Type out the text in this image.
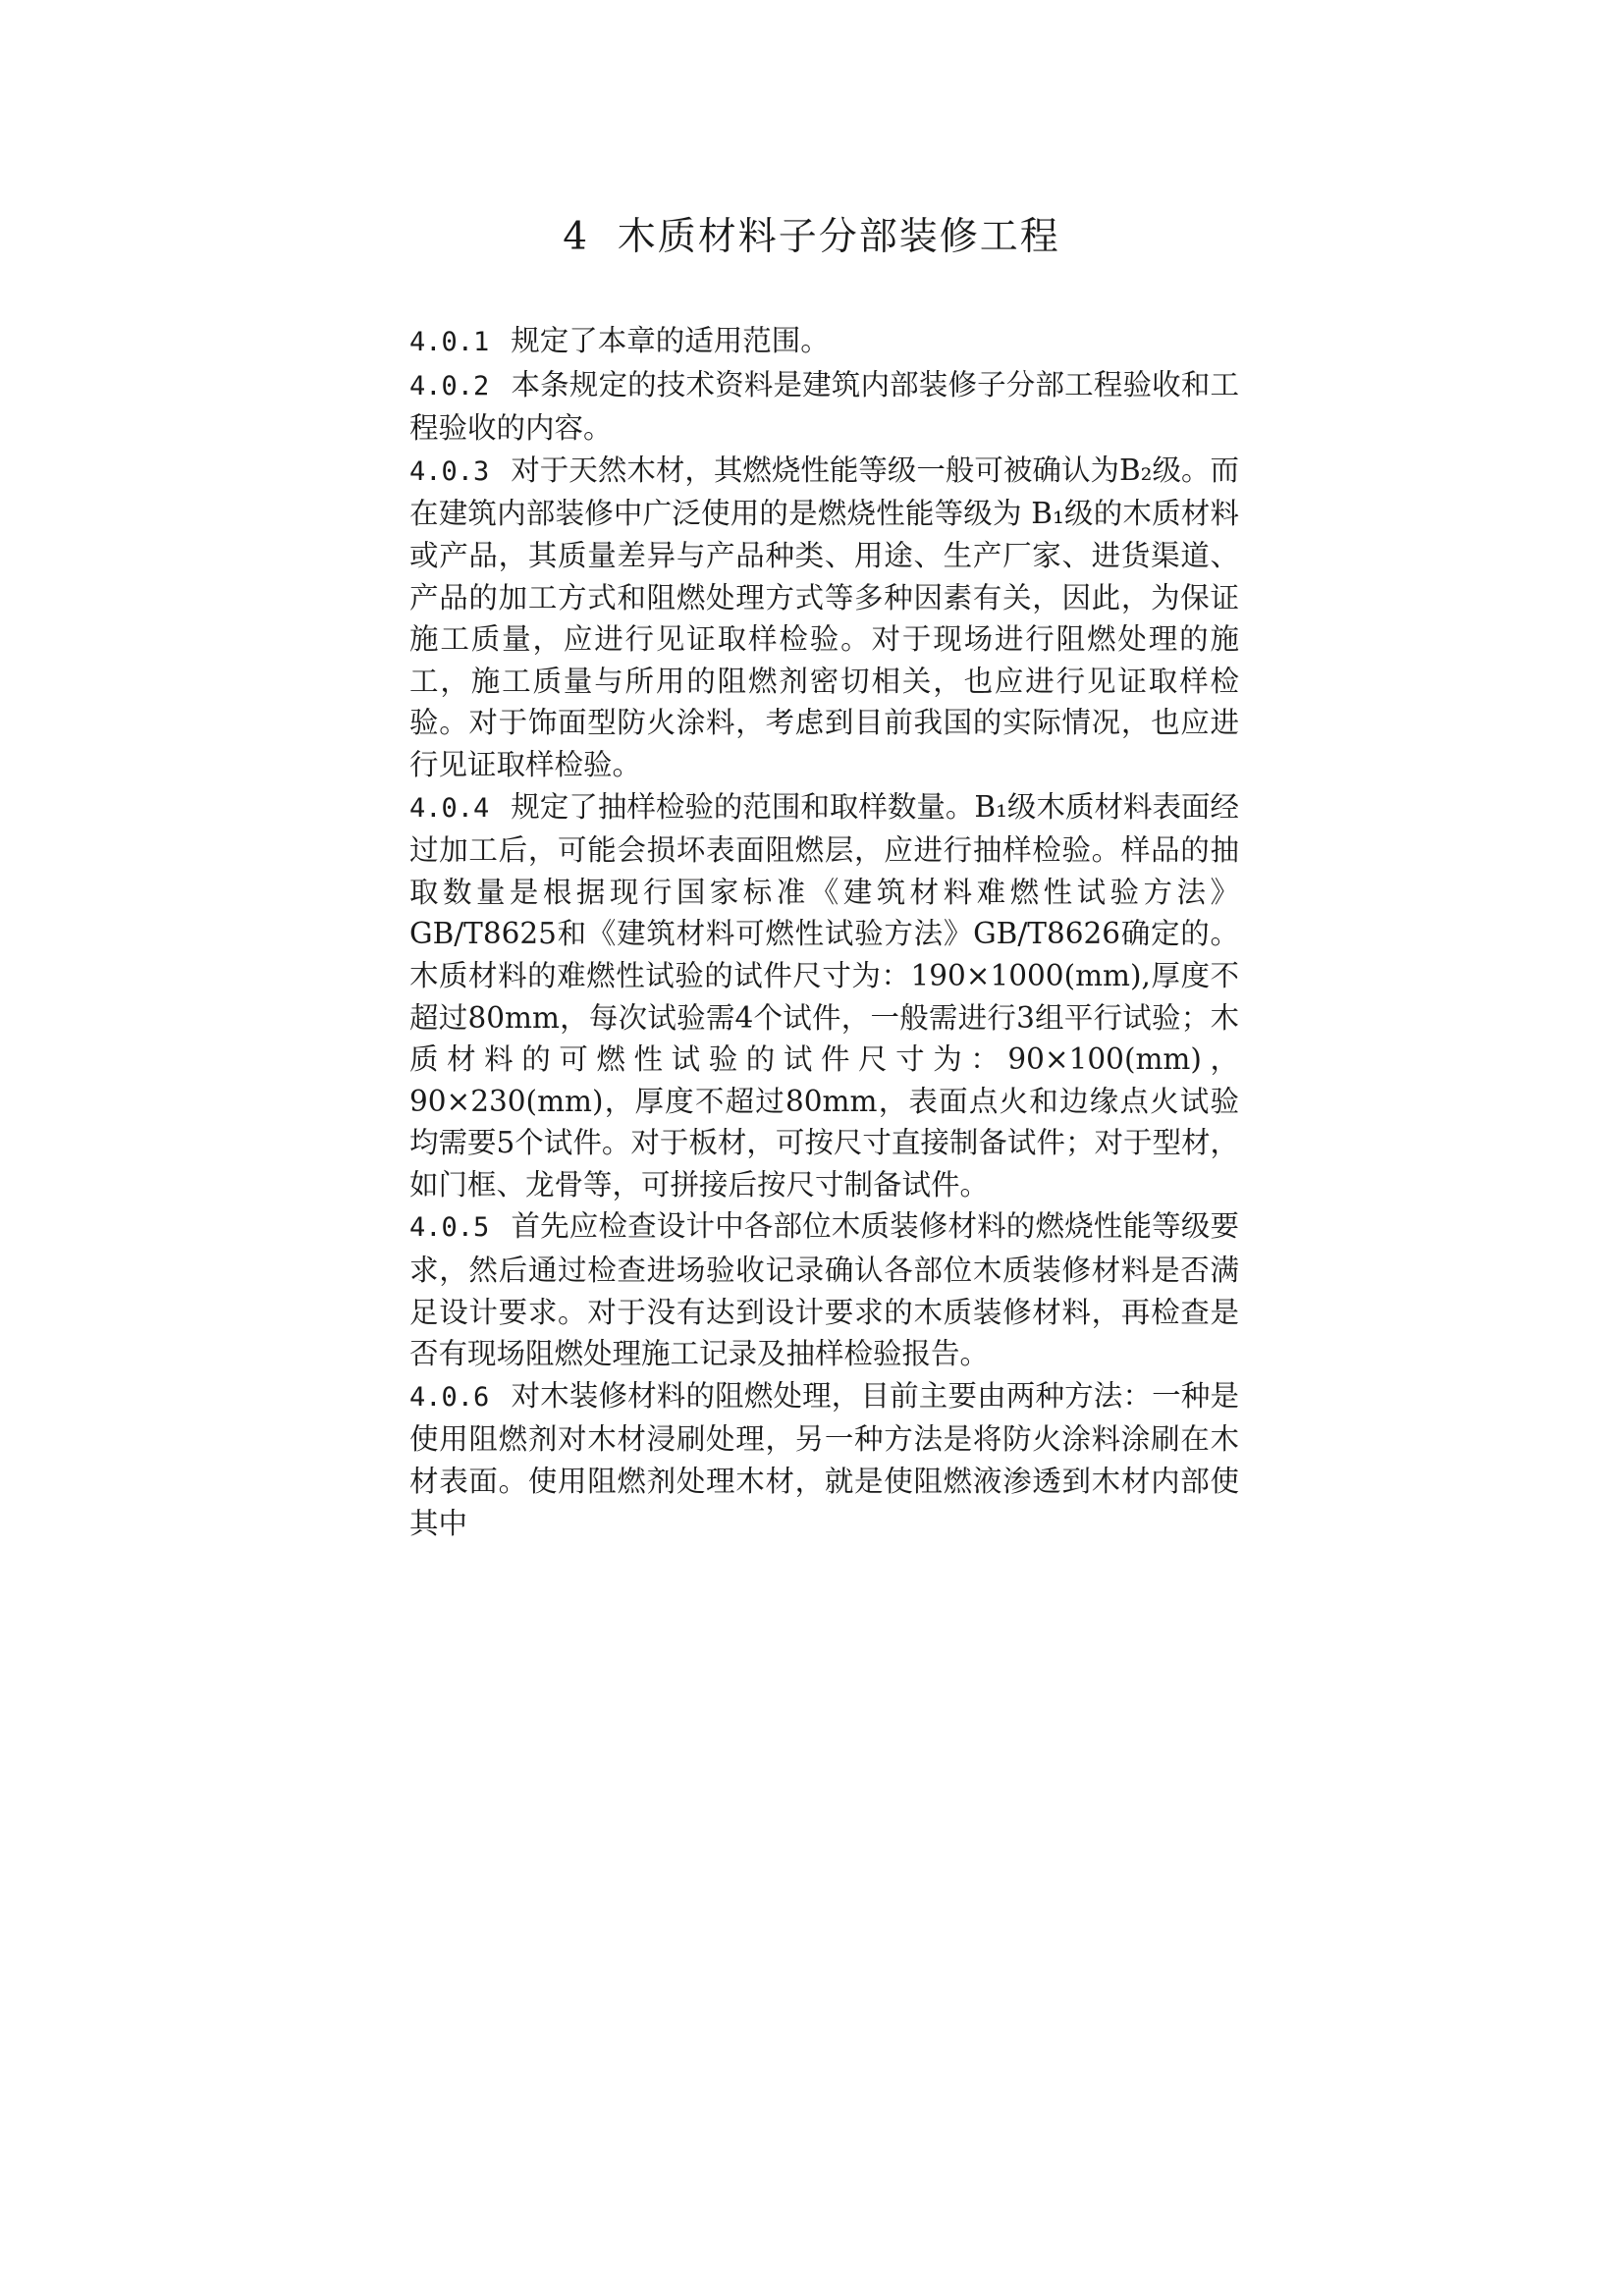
4  木质材料子分部装修工程

4.0.1 规定了本章的适用范围。

4.0.2 本条规定的技术资料是建筑内部装修子分部工程验收和工程验收的内容。

4.0.3 对于天然木材，其燃烧性能等级一般可被确认为B₂级。而在建筑内部装修中广泛使用的是燃烧性能等级为 B₁级的木质材料或产品，其质量差异与产品种类、用途、生产厂家、进货渠道、产品的加工方式和阻燃处理方式等多种因素有关，因此，为保证施工质量，应进行见证取样检验。对于现场进行阻燃处理的施工，施工质量与所用的阻燃剂密切相关，也应进行见证取样检验。对于饰面型防火涂料，考虑到目前我国的实际情况，也应进行见证取样检验。

4.0.4 规定了抽样检验的范围和取样数量。B₁级木质材料表面经过加工后，可能会损坏表面阻燃层，应进行抽样检验。样品的抽取数量是根据现行国家标准《建筑材料难燃性试验方法》GB/T8625和《建筑材料可燃性试验方法》GB/T8626确定的。木质材料的难燃性试验的试件尺寸为：190×1000(mm),厚度不超过80mm，每次试验需4个试件，一般需进行3组平行试验；木质材料的可燃性试验的试件尺寸为：90×100(mm)，90×230(mm)，厚度不超过80mm，表面点火和边缘点火试验均需要5个试件。对于板材，可按尺寸直接制备试件；对于型材，如门框、龙骨等，可拼接后按尺寸制备试件。

4.0.5 首先应检查设计中各部位木质装修材料的燃烧性能等级要求，然后通过检查进场验收记录确认各部位木质装修材料是否满足设计要求。对于没有达到设计要求的木质装修材料，再检查是否有现场阻燃处理施工记录及抽样检验报告。

4.0.6 对木装修材料的阻燃处理，目前主要由两种方法：一种是使用阻燃剂对木材浸刷处理，另一种方法是将防火涂料涂刷在木材表面。使用阻燃剂处理木材，就是使阻燃液渗透到木材内部使其中
